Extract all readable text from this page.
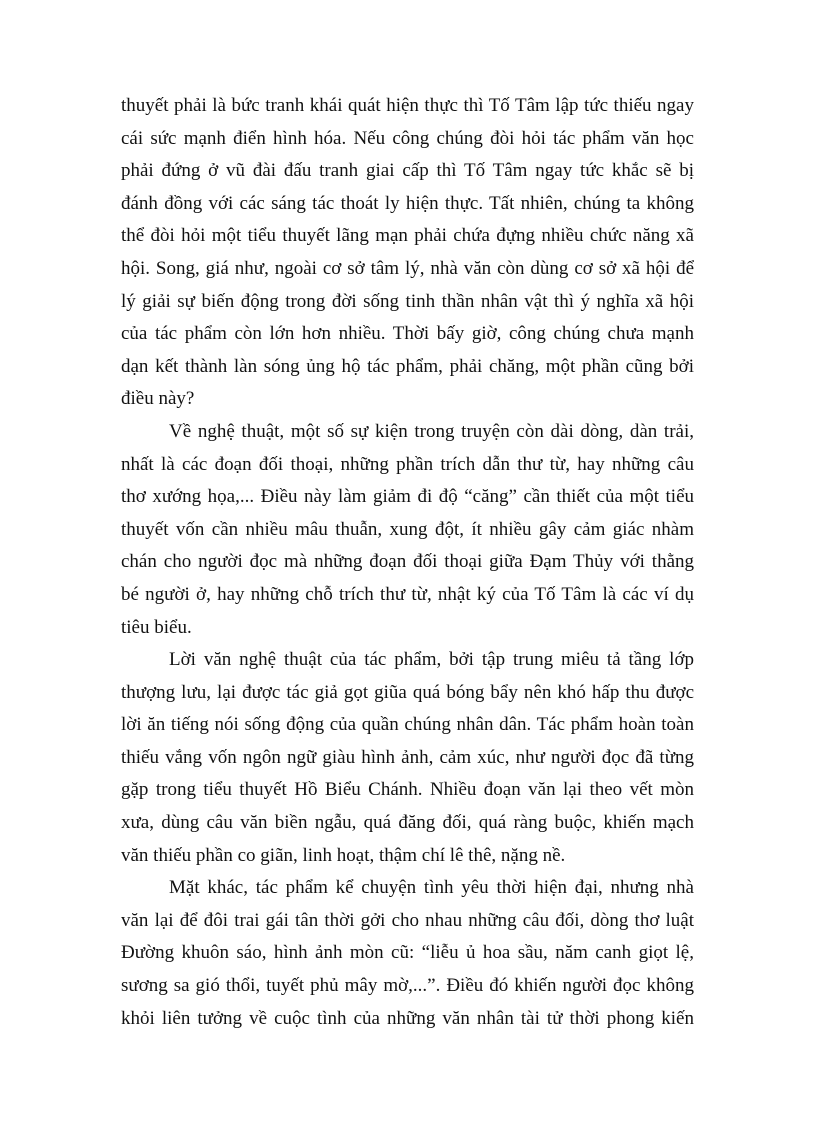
thuyết phải là bức tranh khái quát hiện thực thì Tố Tâm lập tức thiếu ngay
cái sức mạnh điển hình hóa. Nếu công chúng đòi hỏi tác phẩm văn học
phải đứng ở vũ đài đấu tranh giai cấp thì Tố Tâm ngay tức khắc sẽ bị
đánh đồng với các sáng tác thoát ly hiện thực. Tất nhiên, chúng ta không
thể đòi hỏi một tiểu thuyết lãng mạn phải chứa đựng nhiều chức năng xã
hội. Song, giá như, ngoài cơ sở tâm lý, nhà văn còn dùng cơ sở xã hội để
lý giải sự biến động trong đời sống tinh thần nhân vật thì ý nghĩa xã hội
của tác phẩm còn lớn hơn nhiều. Thời bấy giờ, công chúng chưa mạnh
dạn kết thành làn sóng ủng hộ tác phẩm, phải chăng, một phần cũng bởi
điều này?

Về nghệ thuật, một số sự kiện trong truyện còn dài dòng, dàn trải,
nhất là các đoạn đối thoại, những phần trích dẫn thư từ, hay những câu
thơ xướng họa,... Điều này làm giảm đi độ “căng” cần thiết của một tiểu
thuyết vốn cần nhiều mâu thuẫn, xung đột, ít nhiều gây cảm giác nhàm
chán cho người đọc mà những đoạn đối thoại giữa Đạm Thủy với thằng
bé người ở, hay những chỗ trích thư từ, nhật ký của Tố Tâm là các ví dụ
tiêu biểu.

Lời văn nghệ thuật của tác phẩm, bởi tập trung miêu tả tầng lớp
thượng lưu, lại được tác giả gọt giũa quá bóng bẩy nên khó hấp thu được
lời ăn tiếng nói sống động của quần chúng nhân dân. Tác phẩm hoàn toàn
thiếu vắng vốn ngôn ngữ giàu hình ảnh, cảm xúc, như người đọc đã từng
gặp trong tiểu thuyết Hồ Biểu Chánh. Nhiều đoạn văn lại theo vết mòn
xưa, dùng câu văn biền ngẫu, quá đăng đối, quá ràng buộc, khiến mạch
văn thiếu phần co giãn, linh hoạt, thậm chí lê thê, nặng nề.

Mặt khác, tác phẩm kể chuyện tình yêu thời hiện đại, nhưng nhà
văn lại để đôi trai gái tân thời gởi cho nhau những câu đối, dòng thơ luật
Đường khuôn sáo, hình ảnh mòn cũ: “liễu ủ hoa sầu, năm canh giọt lệ,
sương sa gió thổi, tuyết phủ mây mờ,...”. Điều đó khiến người đọc không
khỏi liên tưởng về cuộc tình của những văn nhân tài tử thời phong kiến
